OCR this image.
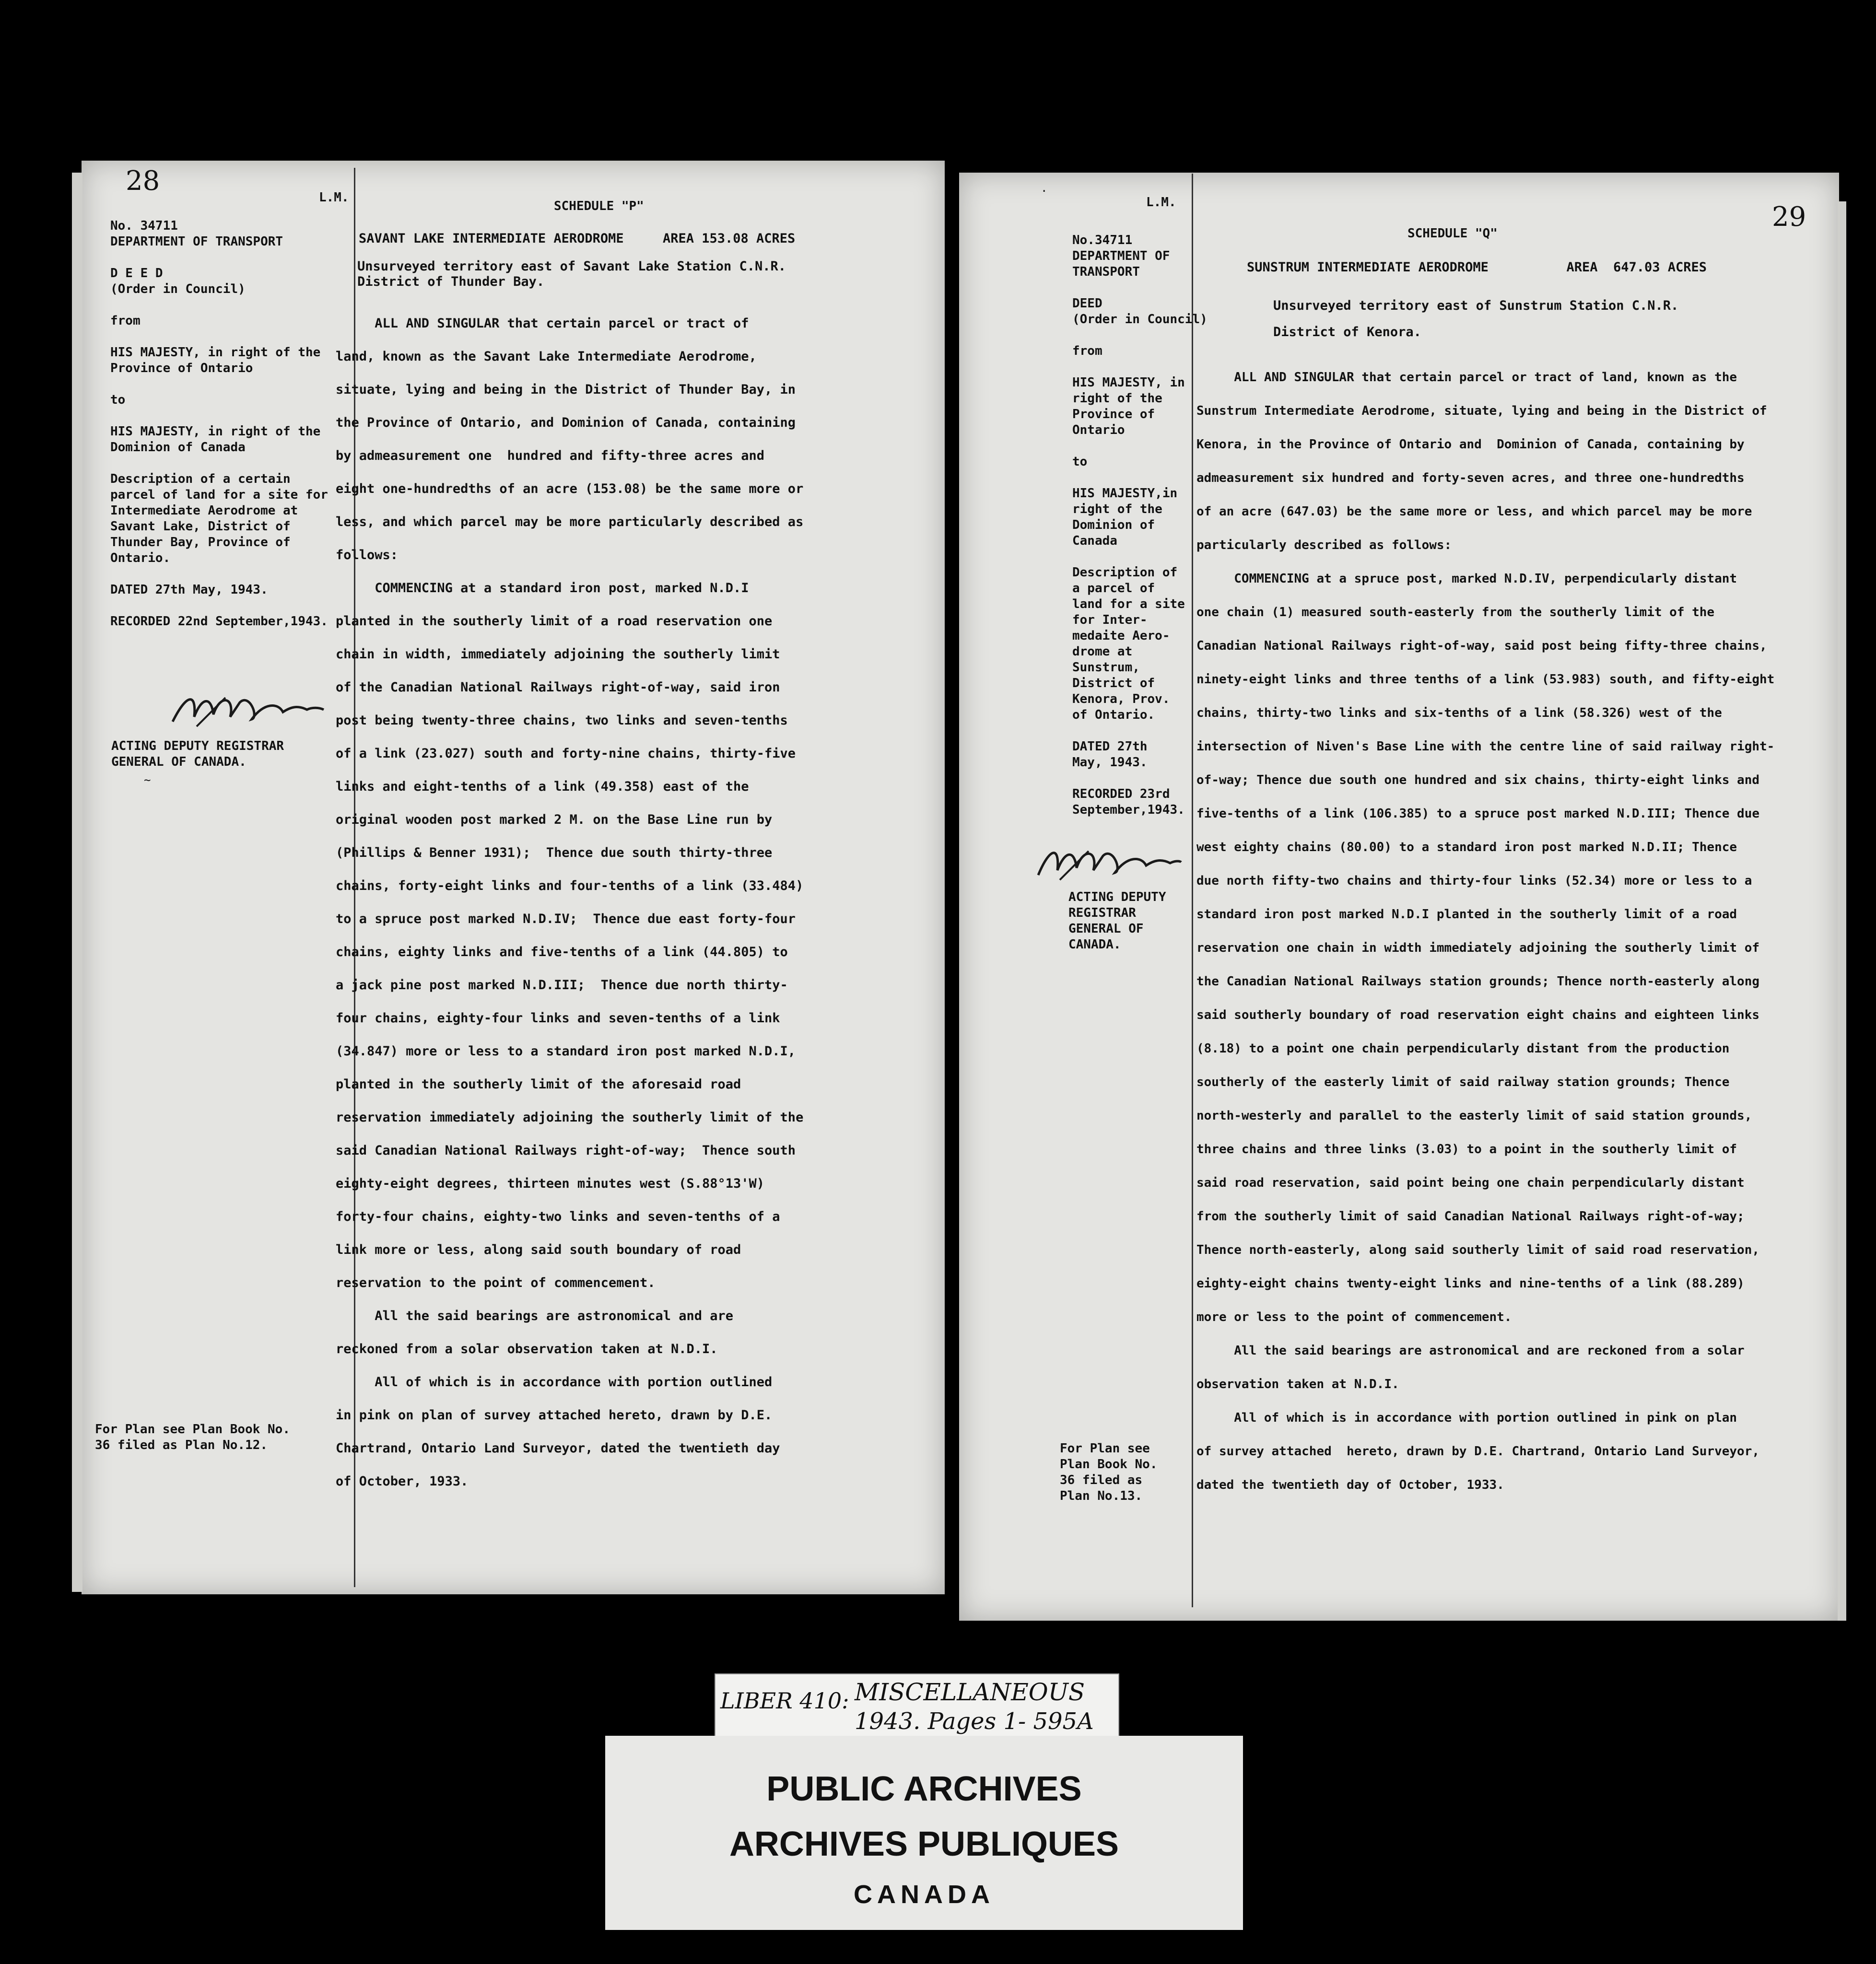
28
L.M.
No. 34711
DEPARTMENT OF TRANSPORT

D E E D
(Order in Council)

from

HIS MAJESTY, in right of the
Province of Ontario

to

HIS MAJESTY, in right of the
Dominion of Canada

Description of a certain
parcel of land for a site for
Intermediate Aerodrome at
Savant Lake, District of
Thunder Bay, Province of
Ontario.

DATED 27th May, 1943.

RECORDED 22nd September,1943.
ACTING DEPUTY REGISTRAR
GENERAL OF CANADA.
~
For Plan see Plan Book No.
36 filed as Plan No.12.
SCHEDULE "P"
SAVANT LAKE INTERMEDIATE AERODROME     AREA 153.08 ACRES
Unsurveyed territory east of Savant Lake Station C.N.R.
District of Thunder Bay.
ALL AND SINGULAR that certain parcel or tract of
land, known as the Savant Lake Intermediate Aerodrome,
situate, lying and being in the District of Thunder Bay, in
the Province of Ontario, and Dominion of Canada, containing
by admeasurement one  hundred and fifty-three acres and
eight one-hundredths of an acre (153.08) be the same more or
less, and which parcel may be more particularly described as
follows:
COMMENCING at a standard iron post, marked N.D.I
planted in the southerly limit of a road reservation one
chain in width, immediately adjoining the southerly limit
of the Canadian National Railways right-of-way, said iron
post being twenty-three chains, two links and seven-tenths
of a link (23.027) south and forty-nine chains, thirty-five
links and eight-tenths of a link (49.358) east of the
original wooden post marked 2 M. on the Base Line run by
(Phillips & Benner 1931);  Thence due south thirty-three
chains, forty-eight links and four-tenths of a link (33.484)
to a spruce post marked N.D.IV;  Thence due east forty-four
chains, eighty links and five-tenths of a link (44.805) to
a jack pine post marked N.D.III;  Thence due north thirty-
four chains, eighty-four links and seven-tenths of a link
(34.847) more or less to a standard iron post marked N.D.I,
planted in the southerly limit of the aforesaid road
reservation immediately adjoining the southerly limit of the
said Canadian National Railways right-of-way;  Thence south
eighty-eight degrees, thirteen minutes west (S.88°13'W)
forty-four chains, eighty-two links and seven-tenths of a
link more or less, along said south boundary of road
reservation to the point of commencement.
All the said bearings are astronomical and are
reckoned from a solar observation taken at N.D.I.
All of which is in accordance with portion outlined
in pink on plan of survey attached hereto, drawn by D.E.
Chartrand, Ontario Land Surveyor, dated the twentieth day
of October, 1933.
.
L.M.	29
No.34711
DEPARTMENT OF
TRANSPORT

DEED
(Order in Council)

from

HIS MAJESTY, in
right of the
Province of
Ontario

to

HIS MAJESTY,in
right of the
Dominion of
Canada

Description of
a parcel of
land for a site
for Inter-
medaite Aero-
drome at
Sunstrum,
District of
Kenora, Prov.
of Ontario.

DATED 27th
May, 1943.

RECORDED 23rd
September,1943.
ACTING DEPUTY
REGISTRAR
GENERAL OF
CANADA.
For Plan see
Plan Book No.
36 filed as
Plan No.13.
SCHEDULE "Q"
SUNSTRUM INTERMEDIATE AERODROME          AREA  647.03 ACRES
Unsurveyed territory east of Sunstrum Station C.N.R.
District of Kenora.
ALL AND SINGULAR that certain parcel or tract of land, known as the
Sunstrum Intermediate Aerodrome, situate, lying and being in the District of
Kenora, in the Province of Ontario and  Dominion of Canada, containing by
admeasurement six hundred and forty-seven acres, and three one-hundredths
of an acre (647.03) be the same more or less, and which parcel may be more
particularly described as follows:
COMMENCING at a spruce post, marked N.D.IV, perpendicularly distant
one chain (1) measured south-easterly from the southerly limit of the
Canadian National Railways right-of-way, said post being fifty-three chains,
ninety-eight links and three tenths of a link (53.983) south, and fifty-eight
chains, thirty-two links and six-tenths of a link (58.326) west of the
intersection of Niven's Base Line with the centre line of said railway right-
of-way; Thence due south one hundred and six chains, thirty-eight links and
five-tenths of a link (106.385) to a spruce post marked N.D.III; Thence due
west eighty chains (80.00) to a standard iron post marked N.D.II; Thence
due north fifty-two chains and thirty-four links (52.34) more or less to a
standard iron post marked N.D.I planted in the southerly limit of a road
reservation one chain in width immediately adjoining the southerly limit of
the Canadian National Railways station grounds; Thence north-easterly along
said southerly boundary of road reservation eight chains and eighteen links
(8.18) to a point one chain perpendicularly distant from the production
southerly of the easterly limit of said railway station grounds; Thence
north-westerly and parallel to the easterly limit of said station grounds,
three chains and three links (3.03) to a point in the southerly limit of
said road reservation, said point being one chain perpendicularly distant
from the southerly limit of said Canadian National Railways right-of-way;
Thence north-easterly, along said southerly limit of said road reservation,
eighty-eight chains twenty-eight links and nine-tenths of a link (88.289)
more or less to the point of commencement.
All the said bearings are astronomical and are reckoned from a solar
observation taken at N.D.I.
All of which is in accordance with portion outlined in pink on plan
of survey attached  hereto, drawn by D.E. Chartrand, Ontario Land Surveyor,
dated the twentieth day of October, 1933.
LIBER 410: MISCELLANEOUS
1943. Pages 1- 595A
PUBLIC ARCHIVES
ARCHIVES PUBLIQUES
CANADA
